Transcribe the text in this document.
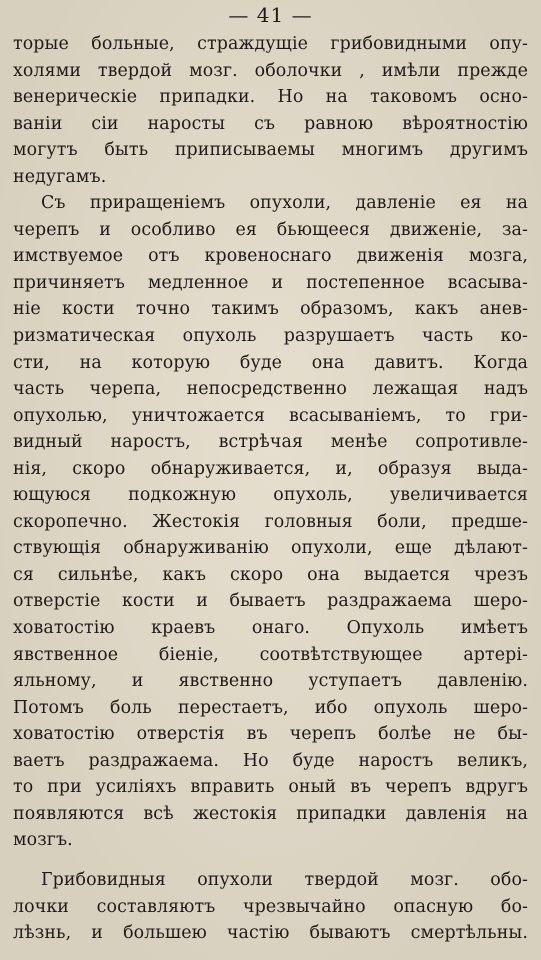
— 41 —
торые больные, страждущіе грибовидными опу-
холями твердой мозг. оболочки , имѣли прежде
венерическіе припадки. Но на таковомъ осно-
ваніи сіи наросты съ равною вѣроятностію
могутъ быть приписываемы многимъ другимъ
недугамъ.
Съ приращеніемъ опухоли, давленіе ея на
черепъ и особливо ея бьющееся движеніе, за-
имствуемое отъ кровеноснаго движенія мозга,
причиняетъ медленное и постепенное всасыва-
ніе кости точно такимъ образомъ, какъ анев-
ризматическая опухоль разрушаетъ часть ко-
сти, на которую буде она давитъ. Когда
часть черепа, непосредственно лежащая надъ
опухолью, уничтожается всасываніемъ, то гри-
видный наростъ, встрѣчая менѣе сопротивле-
нія, скоро обнаруживается, и, образуя выда-
ющуюся подкожную опухоль, увеличивается
скоропечно. Жестокія головныя боли, предше-
ствующія обнаруживанію опухоли, еще дѣлают-
ся сильнѣе, какъ скоро она выдается чрезъ
отверстіе кости и бываетъ раздражаема шеро-
ховатостію краевъ онаго. Опухоль имѣетъ
явственное біеніе, соотвѣтствующее артері-
яльному, и явственно уступаетъ давленію.
Потомъ боль перестаетъ, ибо опухоль шеро-
ховатостію отверстія въ черепъ болѣе не бы-
ваетъ раздражаема. Но буде наростъ великъ,
то при усиліяхъ вправить оный въ черепъ вдругъ
появляются всѣ жестокія припадки давленія на
мозгъ.
Грибовидныя опухоли твердой мозг. обо-
лочки составляютъ чрезвычайно опасную бо-
лѣзнь, и большею частію бываютъ смертѣльны.
